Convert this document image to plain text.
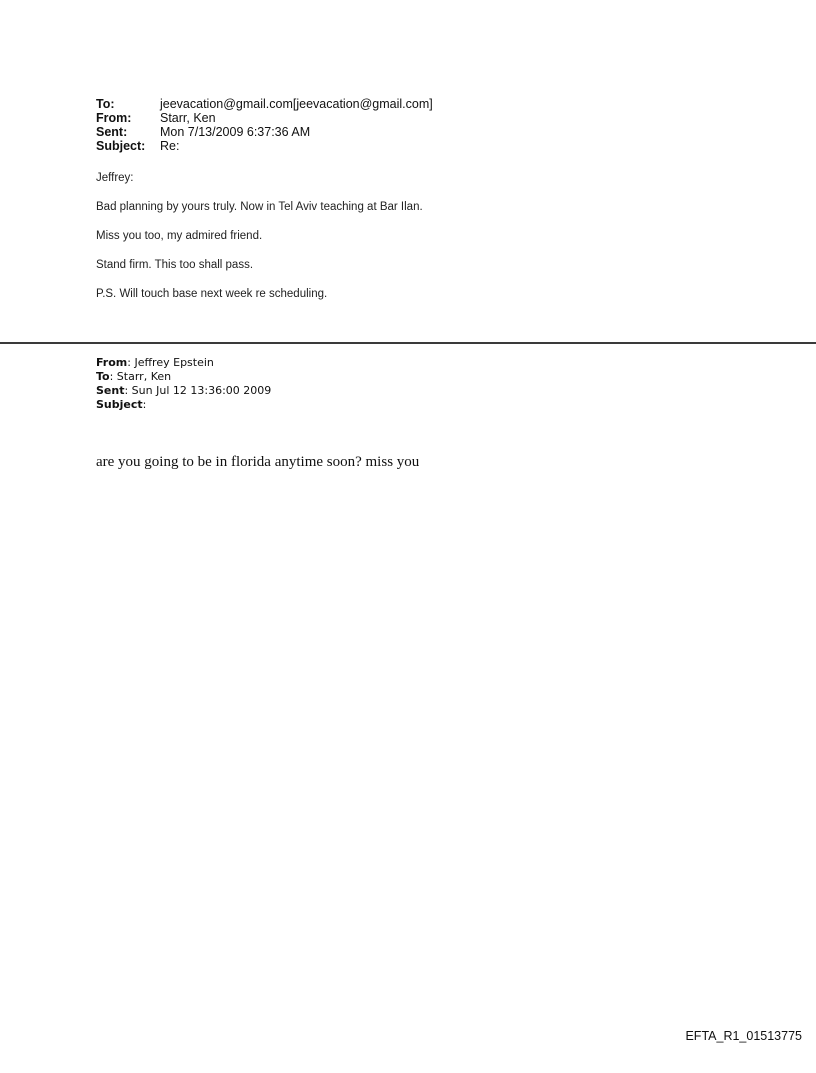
To:	jeevacation@gmail.com[jeevacation@gmail.com]
From:	Starr, Ken
Sent:	Mon 7/13/2009 6:37:36 AM
Subject:	Re:

Jeffrey:

Bad planning by yours truly. Now in Tel Aviv teaching at Bar Ilan.

Miss you too, my admired friend.

Stand firm. This too shall pass.

P.S. Will touch base next week re scheduling.

From: Jeffrey Epstein
To: Starr, Ken
Sent: Sun Jul 12 13:36:00 2009
Subject:
are you going to be in florida anytime soon? miss you
EFTA_R1_01513775
